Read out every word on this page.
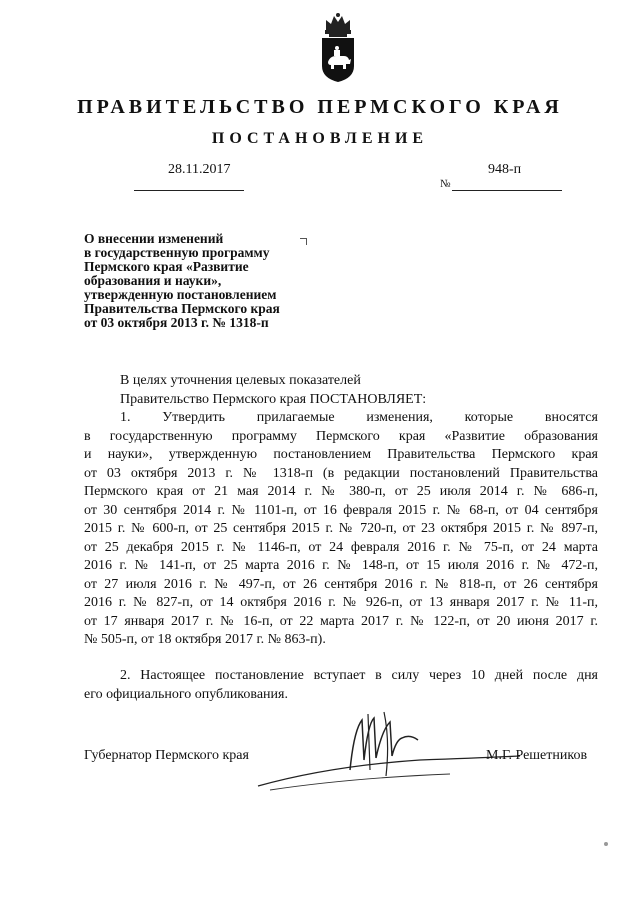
ПРАВИТЕЛЬСТВО ПЕРМСКОГО КРАЯ
ПОСТАНОВЛЕНИЕ
28.11.2017
№
948-п
О внесении изменений
в государственную программу
Пермского края «Развитие
образования и науки»,
утвержденную постановлением
Правительства Пермского края
от 03 октября 2013 г. № 1318-п
В целях уточнения целевых показателей
Правительство Пермского края ПОСТАНОВЛЯЕТ:
1. Утвердить прилагаемые изменения, которые вносятся
в государственную программу Пермского края «Развитие образования
и науки», утвержденную постановлением Правительства Пермского края
от 03 октября 2013 г. № 1318-п (в редакции постановлений Правительства
Пермского края от 21 мая 2014 г. № 380-п, от 25 июля 2014 г. № 686-п,
от 30 сентября 2014 г. № 1101-п, от 16 февраля 2015 г. № 68-п, от 04 сентября
2015 г. № 600-п, от 25 сентября 2015 г. № 720-п, от 23 октября 2015 г. № 897-п,
от 25 декабря 2015 г. № 1146-п, от 24 февраля 2016 г. № 75-п, от 24 марта
2016 г. № 141-п, от 25 марта 2016 г. № 148-п, от 15 июля 2016 г. № 472-п,
от 27 июля 2016 г. № 497-п, от 26 сентября 2016 г. № 818-п, от 26 сентября
2016 г. № 827-п, от 14 октября 2016 г. № 926-п, от 13 января 2017 г. № 11-п,
от 17 января 2017 г. № 16-п, от 22 марта 2017 г. № 122-п, от 20 июня 2017 г.
№ 505-п, от 18 октября 2017 г. № 863-п).
2. Настоящее постановление вступает в силу через 10 дней после дня
его официального опубликования.
Губернатор Пермского края	М.Г. Решетников
